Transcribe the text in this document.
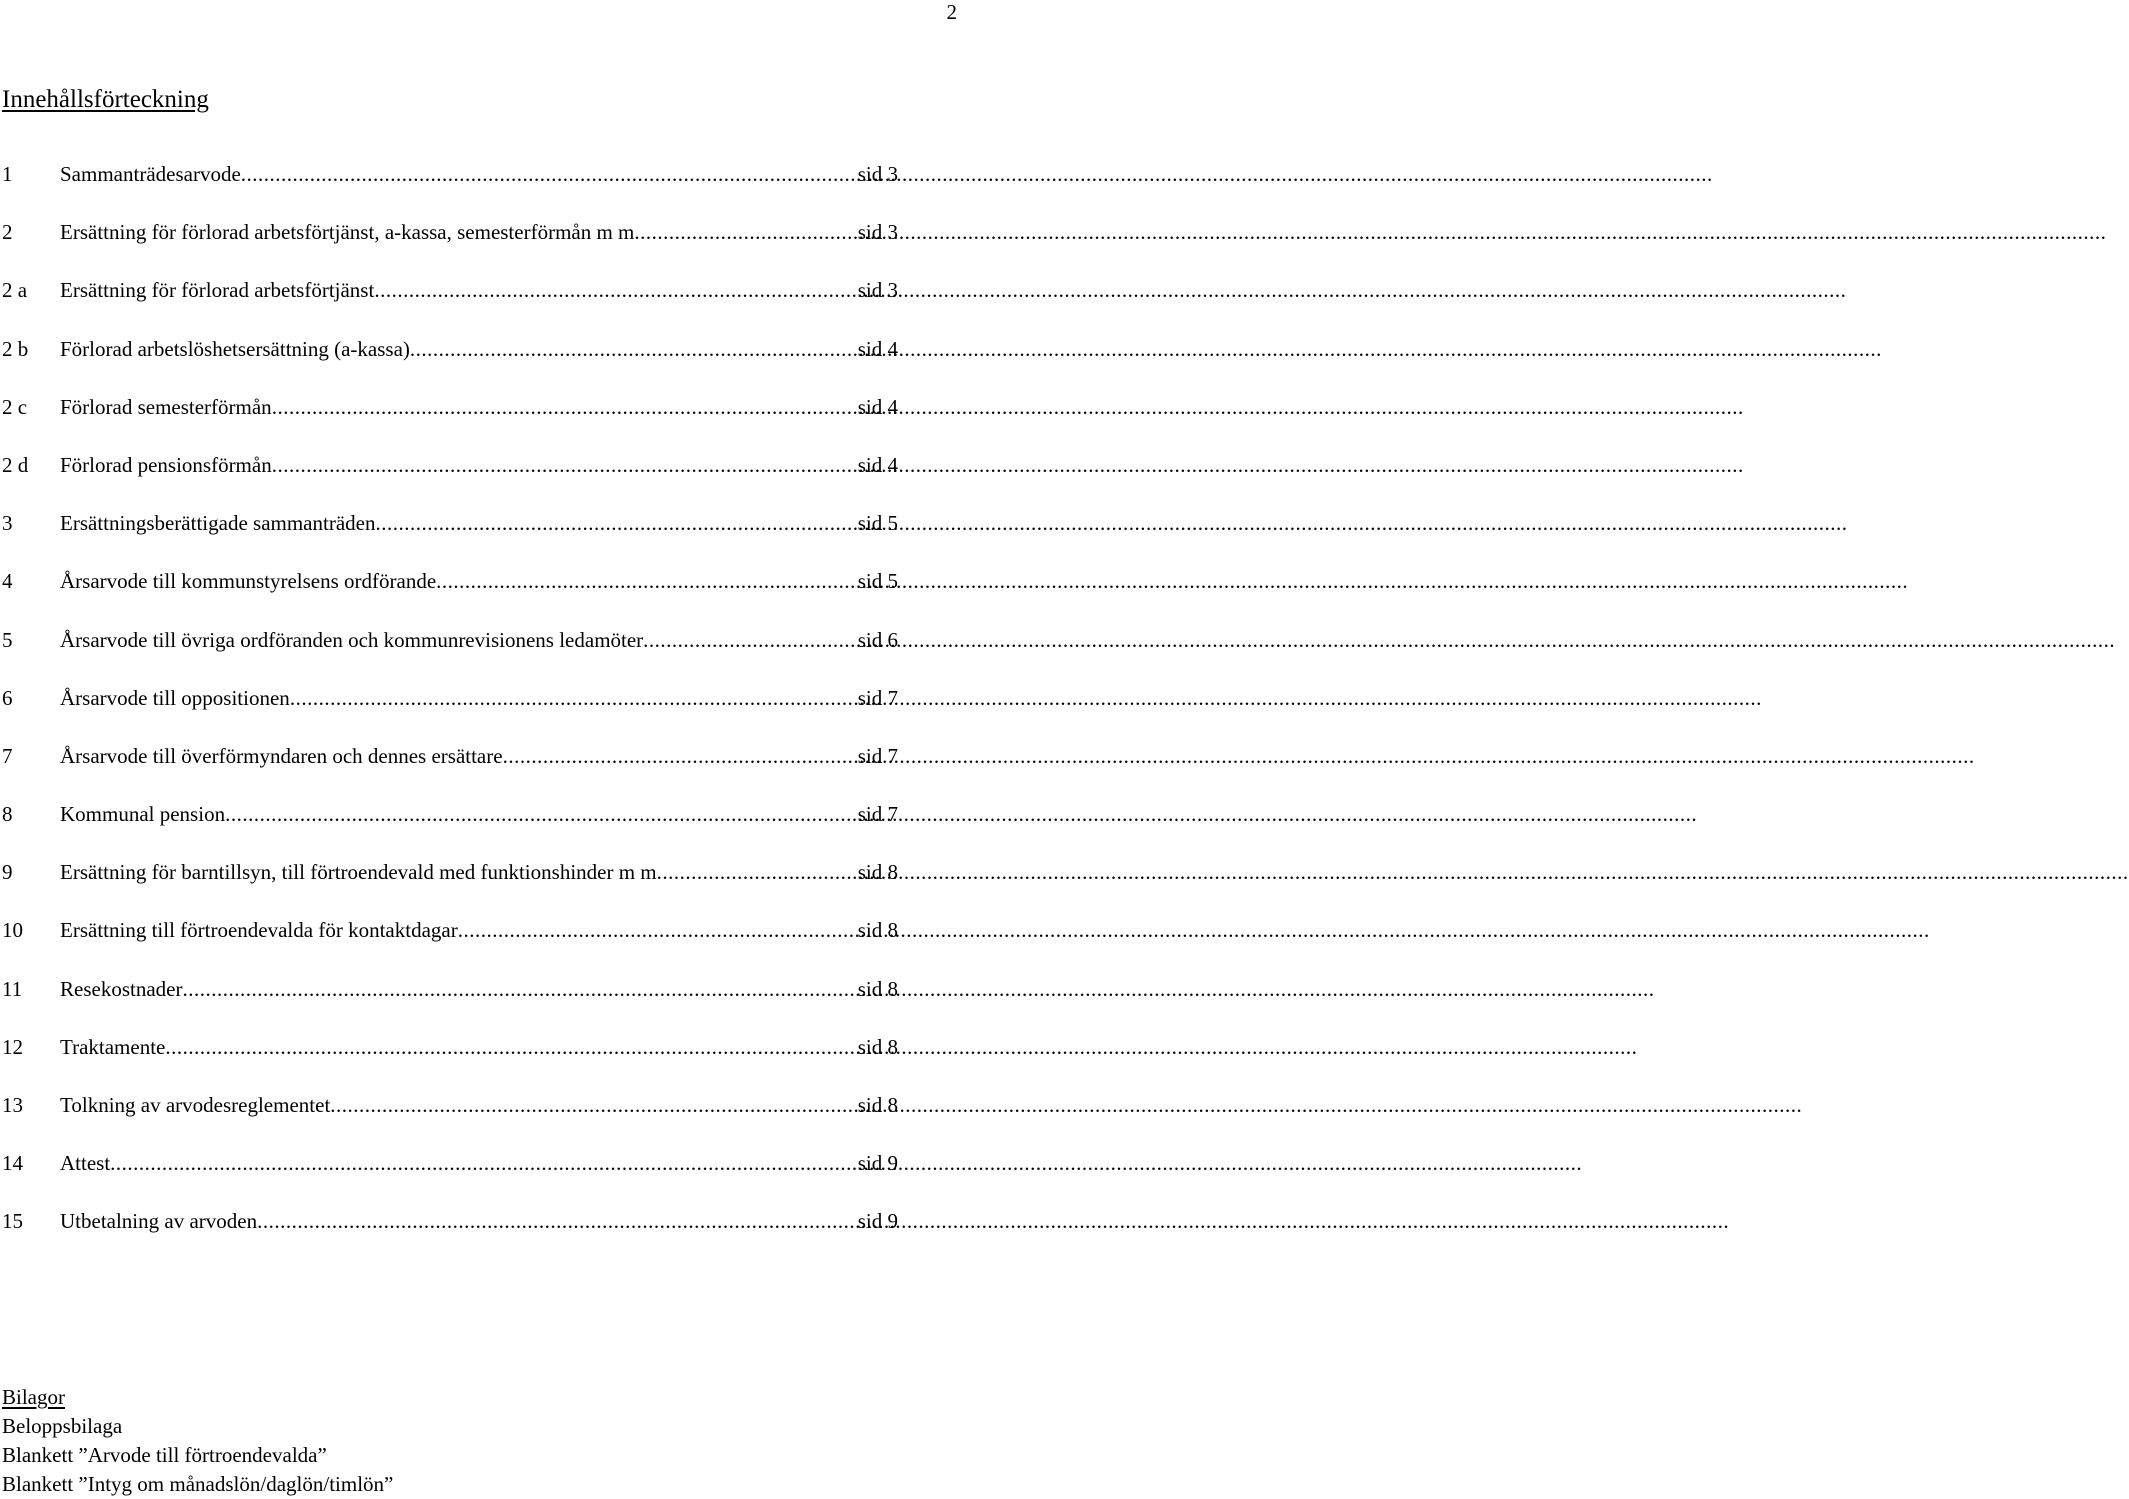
2
Innehållsförteckning
1	Sammanträdesarvode .....	sid 3
2	Ersättning för förlorad arbetsförtjänst, a-kassa, semesterförmån m m .....	sid 3
2 a	Ersättning för förlorad arbetsförtjänst .....	sid 3
2 b	Förlorad arbetslöshetsersättning (a-kassa) .....	sid 4
2 c	Förlorad semesterförmån .....	sid 4
2 d	Förlorad pensionsförmån .....	sid 4
3	Ersättningsberättigade sammanträden .....	sid 5
4	Årsarvode till kommunstyrelsens ordförande .....	sid 5
5	Årsarvode till övriga ordföranden och kommunrevisionens ledamöter .....	sid 6
6	Årsarvode till oppositionen .....	sid 7
7	Årsarvode till överförmyndaren och dennes ersättare .....	sid 7
8	Kommunal pension .....	sid 7
9	Ersättning för barntillsyn, till förtroendevald med funktionshinder m m .....	sid 8
10	Ersättning till förtroendevalda för kontaktdagar .....	sid 8
11	Resekostnader .....	sid 8
12	Traktamente .....	sid 8
13	Tolkning av arvodesreglementet .....	sid 8
14	Attest .....	sid 9
15	Utbetalning av arvoden .....	sid 9
Bilagor
Beloppsbilaga
Blankett ”Arvode till förtroendevalda”
Blankett ”Intyg om månadslön/daglön/timlön”
